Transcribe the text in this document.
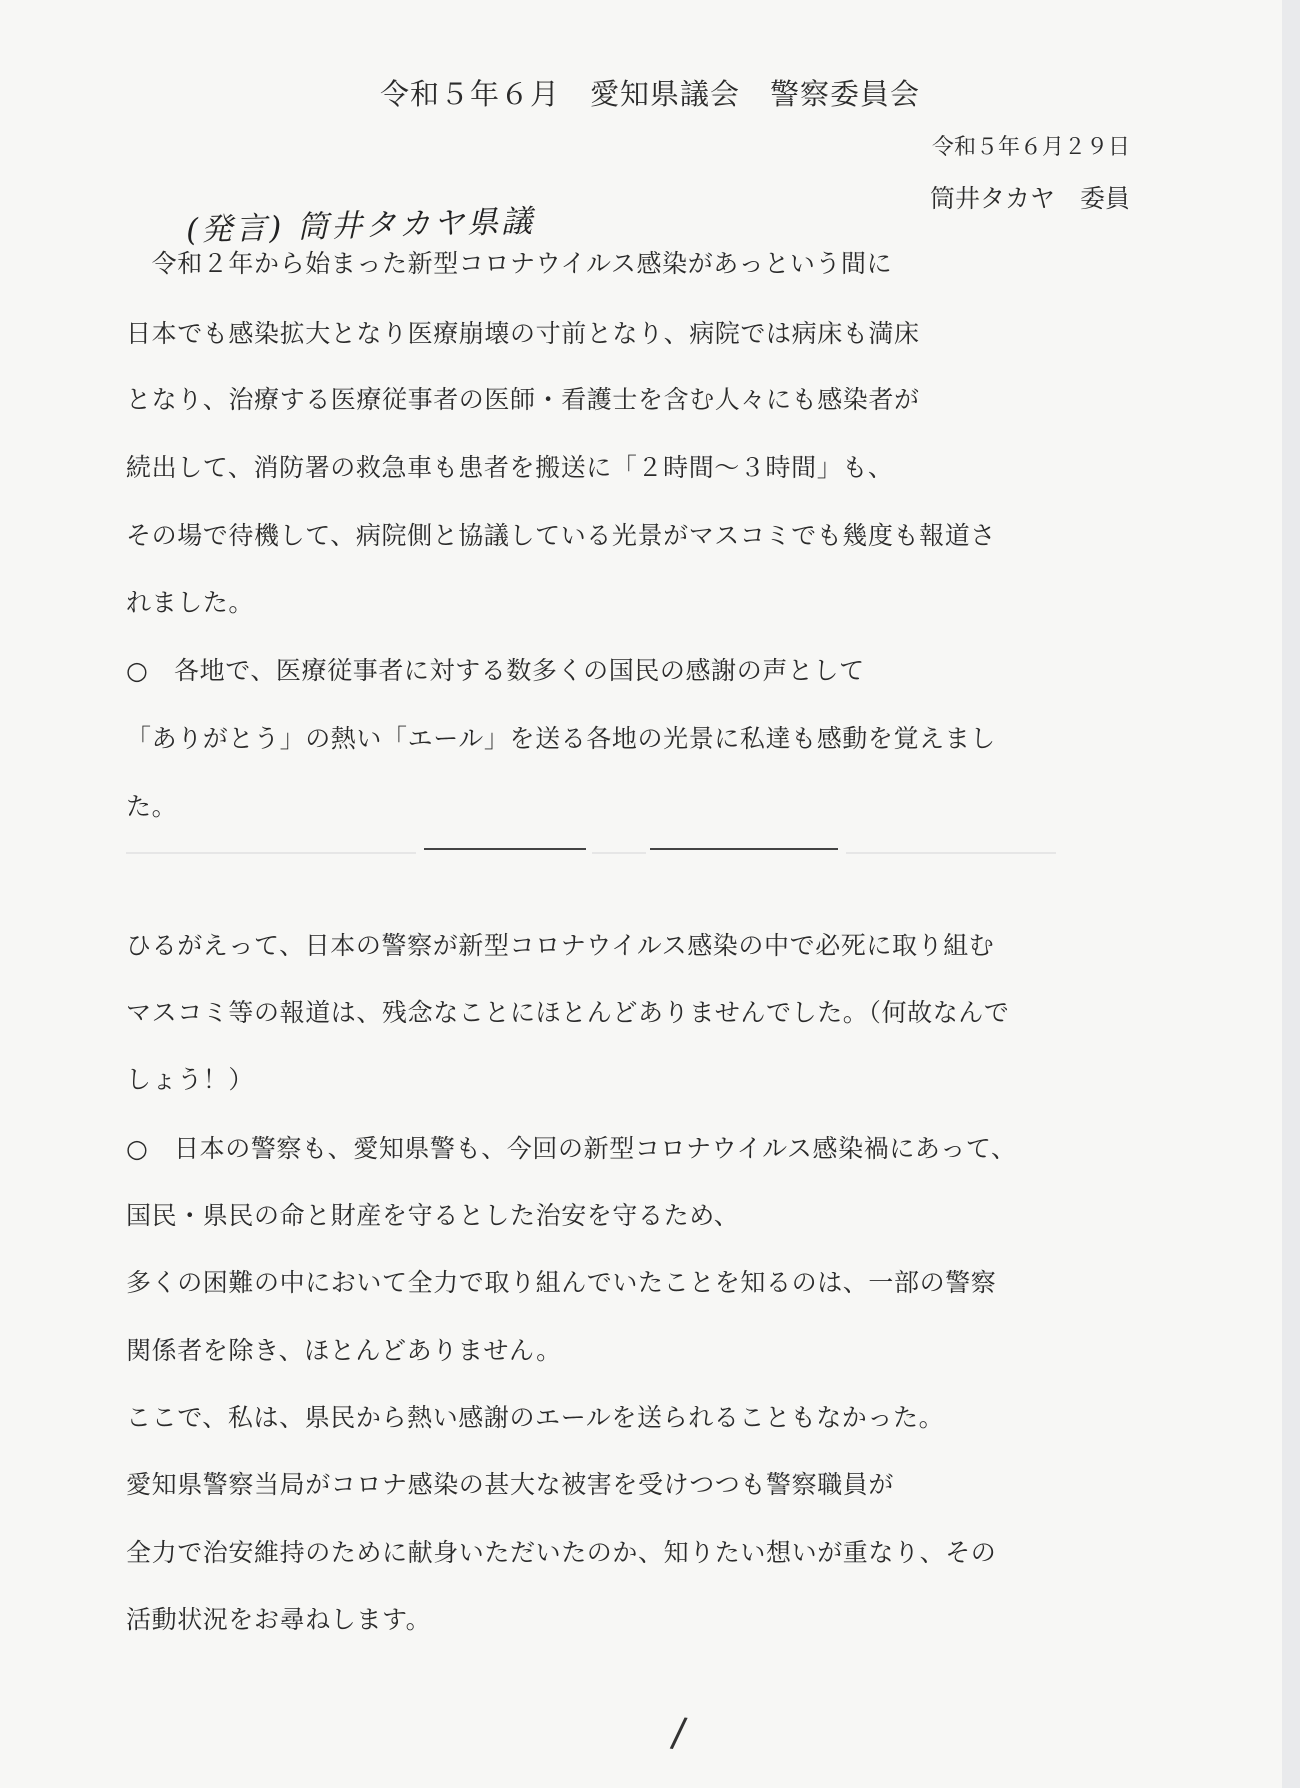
令和５年６月　愛知県議会　警察委員会
令和５年６月２９日
筒井タカヤ　委員
(発言) 筒井タカヤ県議
　令和２年から始まった新型コロナウイルス感染があっという間に
日本でも感染拡大となり医療崩壊の寸前となり、病院では病床も満床
となり、治療する医療従事者の医師・看護士を含む人々にも感染者が
続出して、消防署の救急車も患者を搬送に「２時間～３時間」も、
その場で待機して、病院側と協議している光景がマスコミでも幾度も報道さ
れました。
○　各地で、医療従事者に対する数多くの国民の感謝の声として
「ありがとう」の熱い「エール」を送る各地の光景に私達も感動を覚えまし
た。
ひるがえって、日本の警察が新型コロナウイルス感染の中で必死に取り組む
マスコミ等の報道は、残念なことにほとんどありませんでした。（何故なんで
しょう！）
○　日本の警察も、愛知県警も、今回の新型コロナウイルス感染禍にあって、
国民・県民の命と財産を守るとした治安を守るため、
多くの困難の中において全力で取り組んでいたことを知るのは、一部の警察
関係者を除き、ほとんどありません。
ここで、私は、県民から熱い感謝のエールを送られることもなかった。
愛知県警察当局がコロナ感染の甚大な被害を受けつつも警察職員が
全力で治安維持のために献身いただいたのか、知りたい想いが重なり、その
活動状況をお尋ねします。
/
